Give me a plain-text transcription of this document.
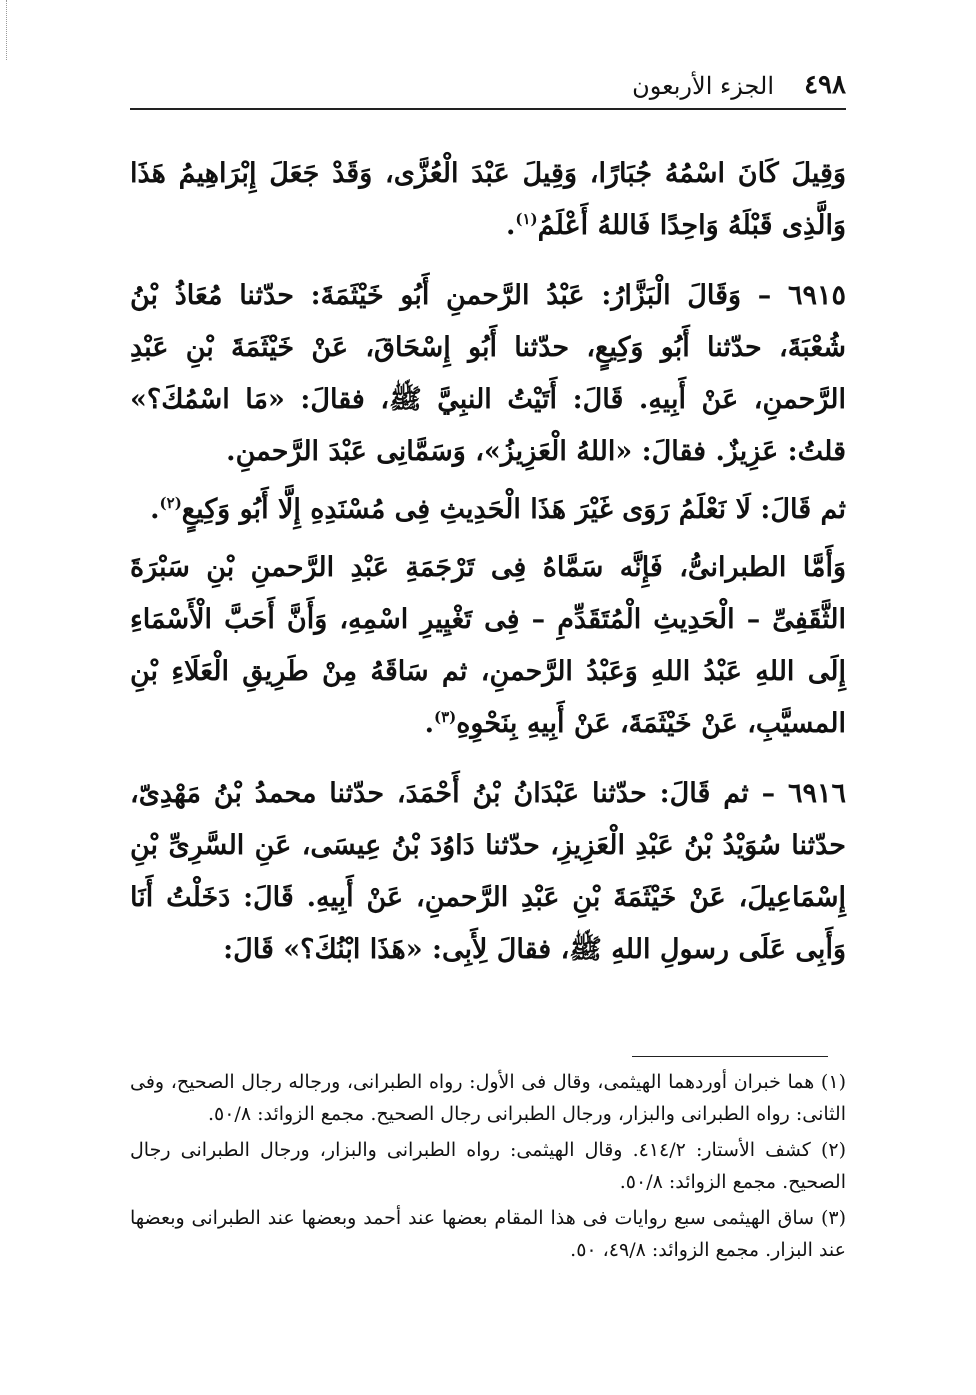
٤٩٨
الجزء الأربعون

وَقِيلَ كَانَ اسْمُهُ جُبَارًا، وَقِيلَ عَبْدَ الْعُزَّى، وَقَدْ جَعَلَ إِبْرَاهِيمُ هَذَا وَالَّذِى قَبْلَهُ وَاحِدًا فَاللهُ أَعْلَمُ$^{(١)}$.

٦٩١٥ – وَقَالَ الْبَزَّارُ: عَبْدُ الرَّحمنِ أَبُو خَيْثَمَةَ: حدّثنا مُعَاذُ بْنُ شُعْبَةَ، حدّثنا أَبُو وَكِيعٍ، حدّثنا أَبُو إِسْحَاقَ، عَنْ خَيْثَمَةَ بْنِ عَبْدِ الرَّحمنِ، عَنْ أَبِيهِ. قَالَ: أَتَيْتُ النبِيَّ ﷺ، فقالَ: «مَا اسْمُكَ؟» قلتُ: عَزِيزٌ. فقالَ: «اللهُ الْعَزِيزُ»، وَسَمَّانِى عَبْدَ الرَّحمنِ.

ثم قَالَ: لَا نَعْلَمُ رَوَى غَيْرَ هَذَا الْحَدِيثِ فِى مُسْنَدِهِ إِلَّا أَبُو وَكِيعٍ$^{(٢)}$.

وَأَمَّا الطبرانىُّ، فَإِنَّه سَمَّاهُ فِى تَرْجَمَةِ عَبْدِ الرَّحمنِ بْنِ سَبْرَةَ الثَّقَفِىِّ – الْحَدِيثِ الْمُتَقَدِّمِ – فِى تَغْيِيرِ اسْمِهِ، وَأَنَّ أَحَبَّ الْأَسْمَاءِ إِلَى اللهِ عَبْدُ اللهِ وَعَبْدُ الرَّحمنِ، ثم سَاقَهُ مِنْ طَرِيقِ الْعَلَاءِ بْنِ المسيَّبِ، عَنْ خَيْثَمَةَ، عَنْ أَبِيهِ بِنَحْوِهِ$^{(٣)}$.

٦٩١٦ – ثم قَالَ: حدّثنا عَبْدَانُ بْنُ أَحْمَدَ، حدّثنا محمدُ بْنُ مَهْدِىّ، حدّثنا سُوَيْدُ بْنُ عَبْدِ الْعَزِيزِ، حدّثنا دَاوُدَ بْنُ عِيسَى، عَنِ السَّرِىِّ بْنِ إِسْمَاعِيلَ، عَنْ خَيْثَمَةَ بْنِ عَبْدِ الرَّحمنِ، عَنْ أَبِيهِ. قَالَ: دَخَلْتُ أَنَا وَأَبِى عَلَى رسولِ اللهِ ﷺ، فقالَ لِأَبِى: «هَذَا ابْنُكَ؟» قَالَ:

(١) هما خبران أوردهما الهيثمى، وقال فى الأول: رواه الطبرانى، ورجاله رجال الصحيح، وفى الثانى: رواه الطبرانى والبزار، ورجال الطبرانى رجال الصحيح. مجمع الزوائد: ٥٠/٨.

(٢) كشف الأستار: ٤١٤/٢. وقال الهيثمى: رواه الطبرانى والبزار، ورجال الطبرانى رجال الصحيح. مجمع الزوائد: ٥٠/٨.

(٣) ساق الهيثمى سبع روايات فى هذا المقام بعضها عند أحمد وبعضها عند الطبرانى وبعضها عند البزار. مجمع الزوائد: ٤٩/٨، ٥٠.
